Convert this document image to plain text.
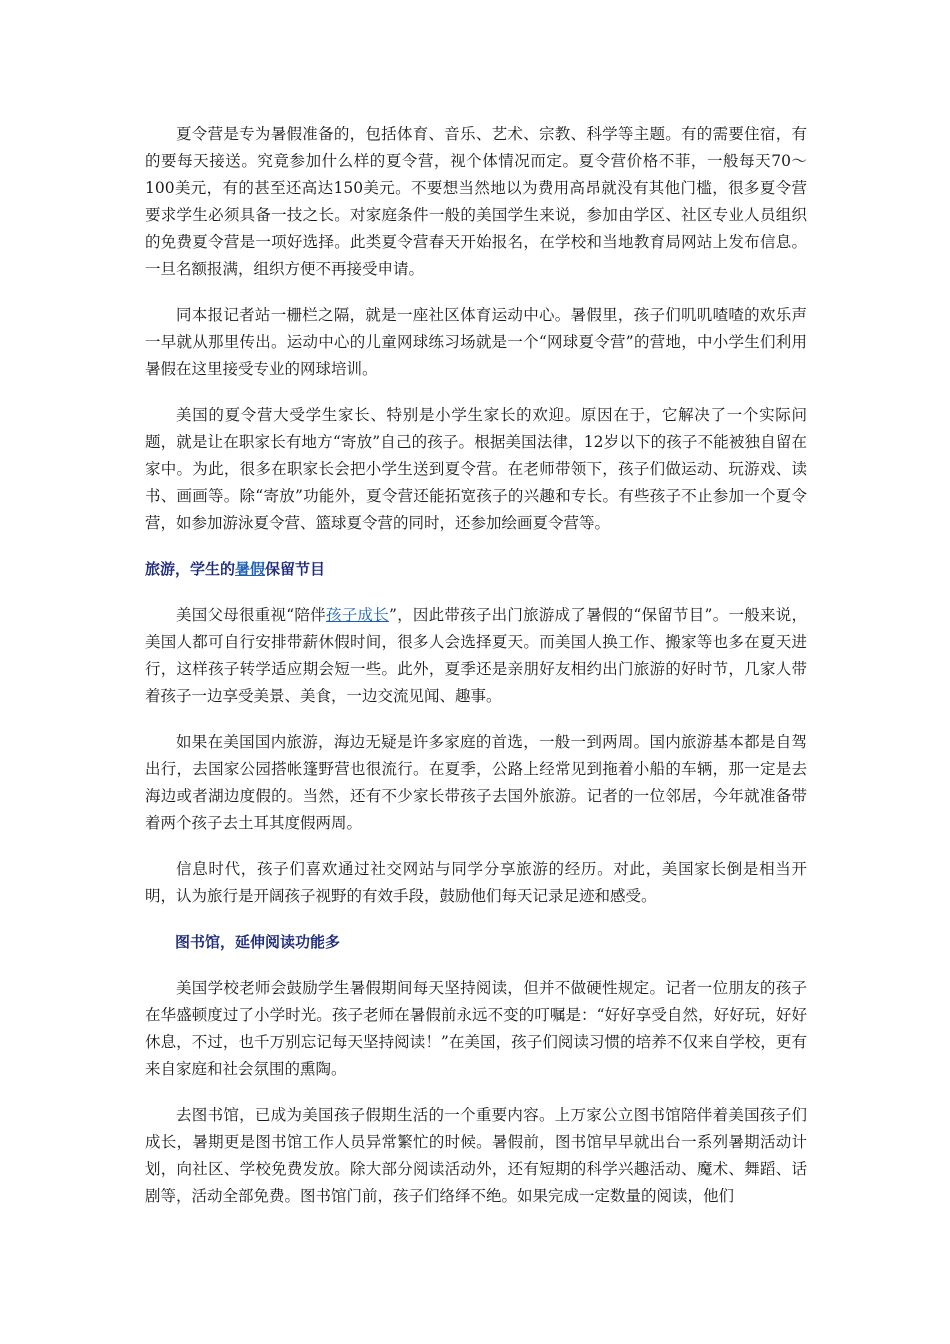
夏令营是专为暑假准备的，包括体育、音乐、艺术、宗教、科学等主题。有的需要住宿，有的要每天接送。究竟参加什么样的夏令营，视个体情况而定。夏令营价格不菲，一般每天70～100美元，有的甚至还高达150美元。不要想当然地以为费用高昂就没有其他门槛，很多夏令营要求学生必须具备一技之长。对家庭条件一般的美国学生来说，参加由学区、社区专业人员组织的免费夏令营是一项好选择。此类夏令营春天开始报名，在学校和当地教育局网站上发布信息。一旦名额报满，组织方便不再接受申请。

同本报记者站一栅栏之隔，就是一座社区体育运动中心。暑假里，孩子们叽叽喳喳的欢乐声一早就从那里传出。运动中心的儿童网球练习场就是一个“网球夏令营”的营地，中小学生们利用暑假在这里接受专业的网球培训。

美国的夏令营大受学生家长、特别是小学生家长的欢迎。原因在于，它解决了一个实际问题，就是让在职家长有地方“寄放”自己的孩子。根据美国法律，12岁以下的孩子不能被独自留在家中。为此，很多在职家长会把小学生送到夏令营。在老师带领下，孩子们做运动、玩游戏、读书、画画等。除“寄放”功能外，夏令营还能拓宽孩子的兴趣和专长。有些孩子不止参加一个夏令营，如参加游泳夏令营、篮球夏令营的同时，还参加绘画夏令营等。

旅游，学生的暑假保留节目

美国父母很重视“陪伴孩子成长”，因此带孩子出门旅游成了暑假的“保留节目”。一般来说，美国人都可自行安排带薪休假时间，很多人会选择夏天。而美国人换工作、搬家等也多在夏天进行，这样孩子转学适应期会短一些。此外，夏季还是亲朋好友相约出门旅游的好时节，几家人带着孩子一边享受美景、美食，一边交流见闻、趣事。

如果在美国国内旅游，海边无疑是许多家庭的首选，一般一到两周。国内旅游基本都是自驾出行，去国家公园搭帐篷野营也很流行。在夏季，公路上经常见到拖着小船的车辆，那一定是去海边或者湖边度假的。当然，还有不少家长带孩子去国外旅游。记者的一位邻居，今年就准备带着两个孩子去土耳其度假两周。

信息时代，孩子们喜欢通过社交网站与同学分享旅游的经历。对此，美国家长倒是相当开明，认为旅行是开阔孩子视野的有效手段，鼓励他们每天记录足迹和感受。

图书馆，延伸阅读功能多

美国学校老师会鼓励学生暑假期间每天坚持阅读，但并不做硬性规定。记者一位朋友的孩子在华盛顿度过了小学时光。孩子老师在暑假前永远不变的叮嘱是：“好好享受自然，好好玩，好好休息，不过，也千万别忘记每天坚持阅读！”在美国，孩子们阅读习惯的培养不仅来自学校，更有来自家庭和社会氛围的熏陶。

去图书馆，已成为美国孩子假期生活的一个重要内容。上万家公立图书馆陪伴着美国孩子们成长，暑期更是图书馆工作人员异常繁忙的时候。暑假前，图书馆早早就出台一系列暑期活动计划，向社区、学校免费发放。除大部分阅读活动外，还有短期的科学兴趣活动、魔术、舞蹈、话剧等，活动全部免费。图书馆门前，孩子们络绎不绝。如果完成一定数量的阅读，他们
